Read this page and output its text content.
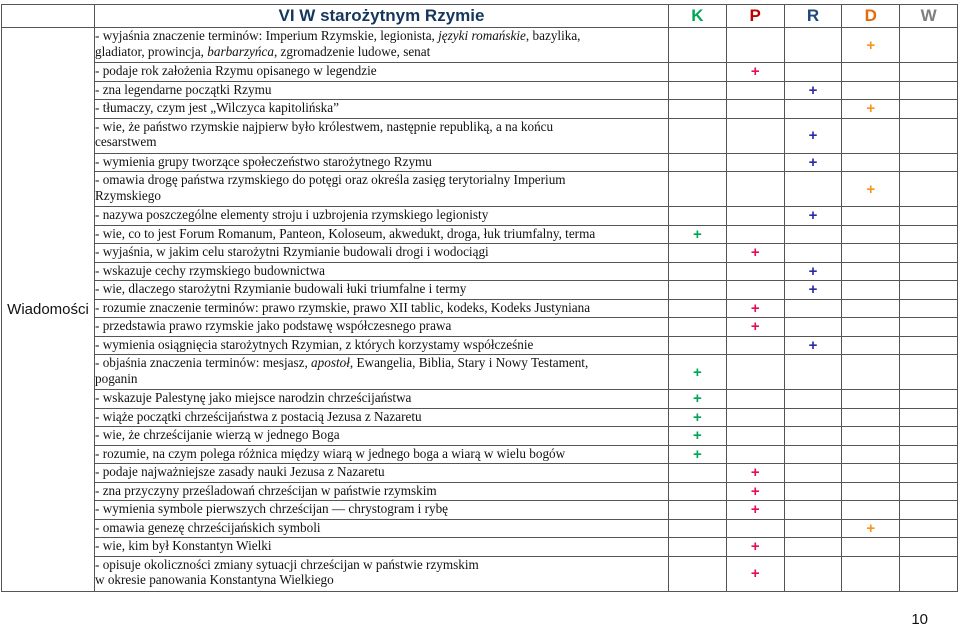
	VI W starożytnym Rzymie	K	P	R	D	W
Wiadomości	- wyjaśnia znaczenie terminów: Imperium Rzymskie, legionista, języki romańskie, bazylika,
gladiator, prowincja, barbarzyńca, zgromadzenie ludowe, senat				+	

	- podaje rok założenia Rzymu opisanego w legendzie		+			

	- zna legendarne początki Rzymu			+		

	- tłumaczy, czym jest „Wilczyca kapitolińska”				+	

	- wie, że państwo rzymskie najpierw było królestwem, następnie republiką, a na końcu
cesarstwem			+		

	- wymienia grupy tworzące społeczeństwo starożytnego Rzymu			+		

	- omawia drogę państwa rzymskiego do potęgi oraz określa zasięg terytorialny Imperium
Rzymskiego				+	

	- nazywa poszczególne elementy stroju i uzbrojenia rzymskiego legionisty			+		

	- wie, co to jest Forum Romanum, Panteon, Koloseum, akwedukt, droga, łuk triumfalny, terma	+				

	- wyjaśnia, w jakim celu starożytni Rzymianie budowali drogi i wodociągi		+			

	- wskazuje cechy rzymskiego budownictwa			+		

	- wie, dlaczego starożytni Rzymianie budowali łuki triumfalne i termy			+		

	- rozumie znaczenie terminów: prawo rzymskie, prawo XII tablic, kodeks, Kodeks Justyniana		+			

	- przedstawia prawo rzymskie jako podstawę współczesnego prawa		+			

	- wymienia osiągnięcia starożytnych Rzymian, z których korzystamy współcześnie			+		

	- objaśnia znaczenia terminów: mesjasz, apostoł, Ewangelia, Biblia, Stary i Nowy Testament,
poganin	+				

	- wskazuje Palestynę jako miejsce narodzin chrześcijaństwa	+				

	- wiąże początki chrześcijaństwa z postacią Jezusa z Nazaretu	+				

	- wie, że chrześcijanie wierzą w jednego Boga	+				

	- rozumie, na czym polega różnica między wiarą w jednego boga a wiarą w wielu bogów	+				

	- podaje najważniejsze zasady nauki Jezusa z Nazaretu		+			

	- zna przyczyny prześladowań chrześcijan w państwie rzymskim		+			

	- wymienia symbole pierwszych chrześcijan — chrystogram i rybę		+			

	- omawia genezę chrześcijańskich symboli				+	

	- wie, kim był Konstantyn Wielki		+			

	- opisuje okoliczności zmiany sytuacji chrześcijan w państwie rzymskim
w okresie panowania Konstantyna Wielkiego		+			
10
